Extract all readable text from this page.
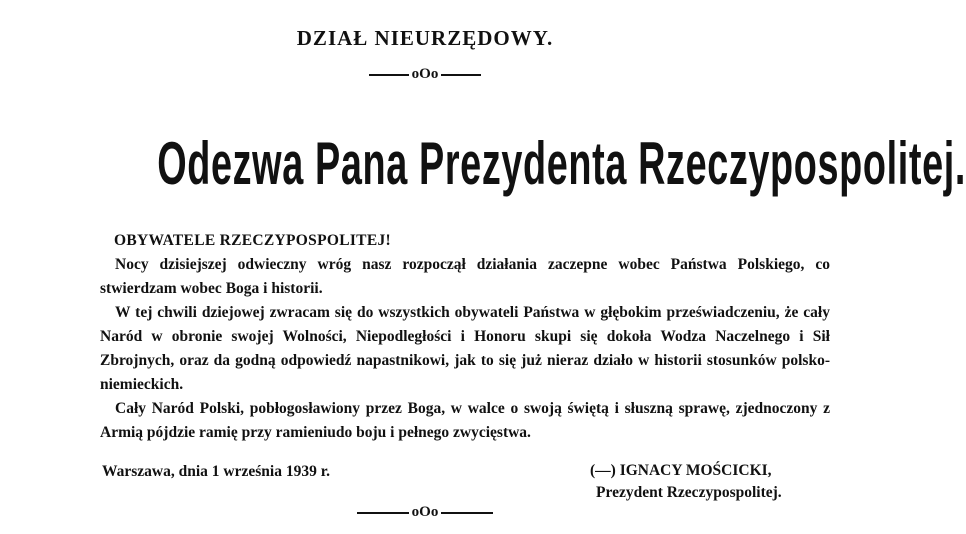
DZIAŁ NIEURZĘDOWY.
oOo
Odezwa Pana Prezydenta Rzeczypospolitej.

OBYWATELE RZECZYPOSPOLITEJ!

Nocy dzisiejszej odwieczny wróg nasz rozpoczął działania zaczepne wobec Państwa Polskiego, co stwierdzam wobec Boga i historii.

W tej chwili dziejowej zwracam się do wszystkich obywateli Państwa w głębokim przeświadczeniu, że cały Naród w obronie swojej Wolności, Niepodległości i Honoru skupi się dokoła Wodza Naczelnego i Sił Zbrojnych, oraz da godną odpowiedź napastnikowi, jak to się już nieraz działo w historii stosunków polsko-niemieckich.

Cały Naród Polski, pobłogosławiony przez Boga, w walce o swoją świętą i słuszną sprawę, zjednoczony z Armią pójdzie ramię przy ramieniudo boju i pełnego zwycięstwa.

Warszawa, dnia 1 września 1939 r.	(—) IGNACY MOŚCICKI,
Prezydent Rzeczypospolitej.
oOo
